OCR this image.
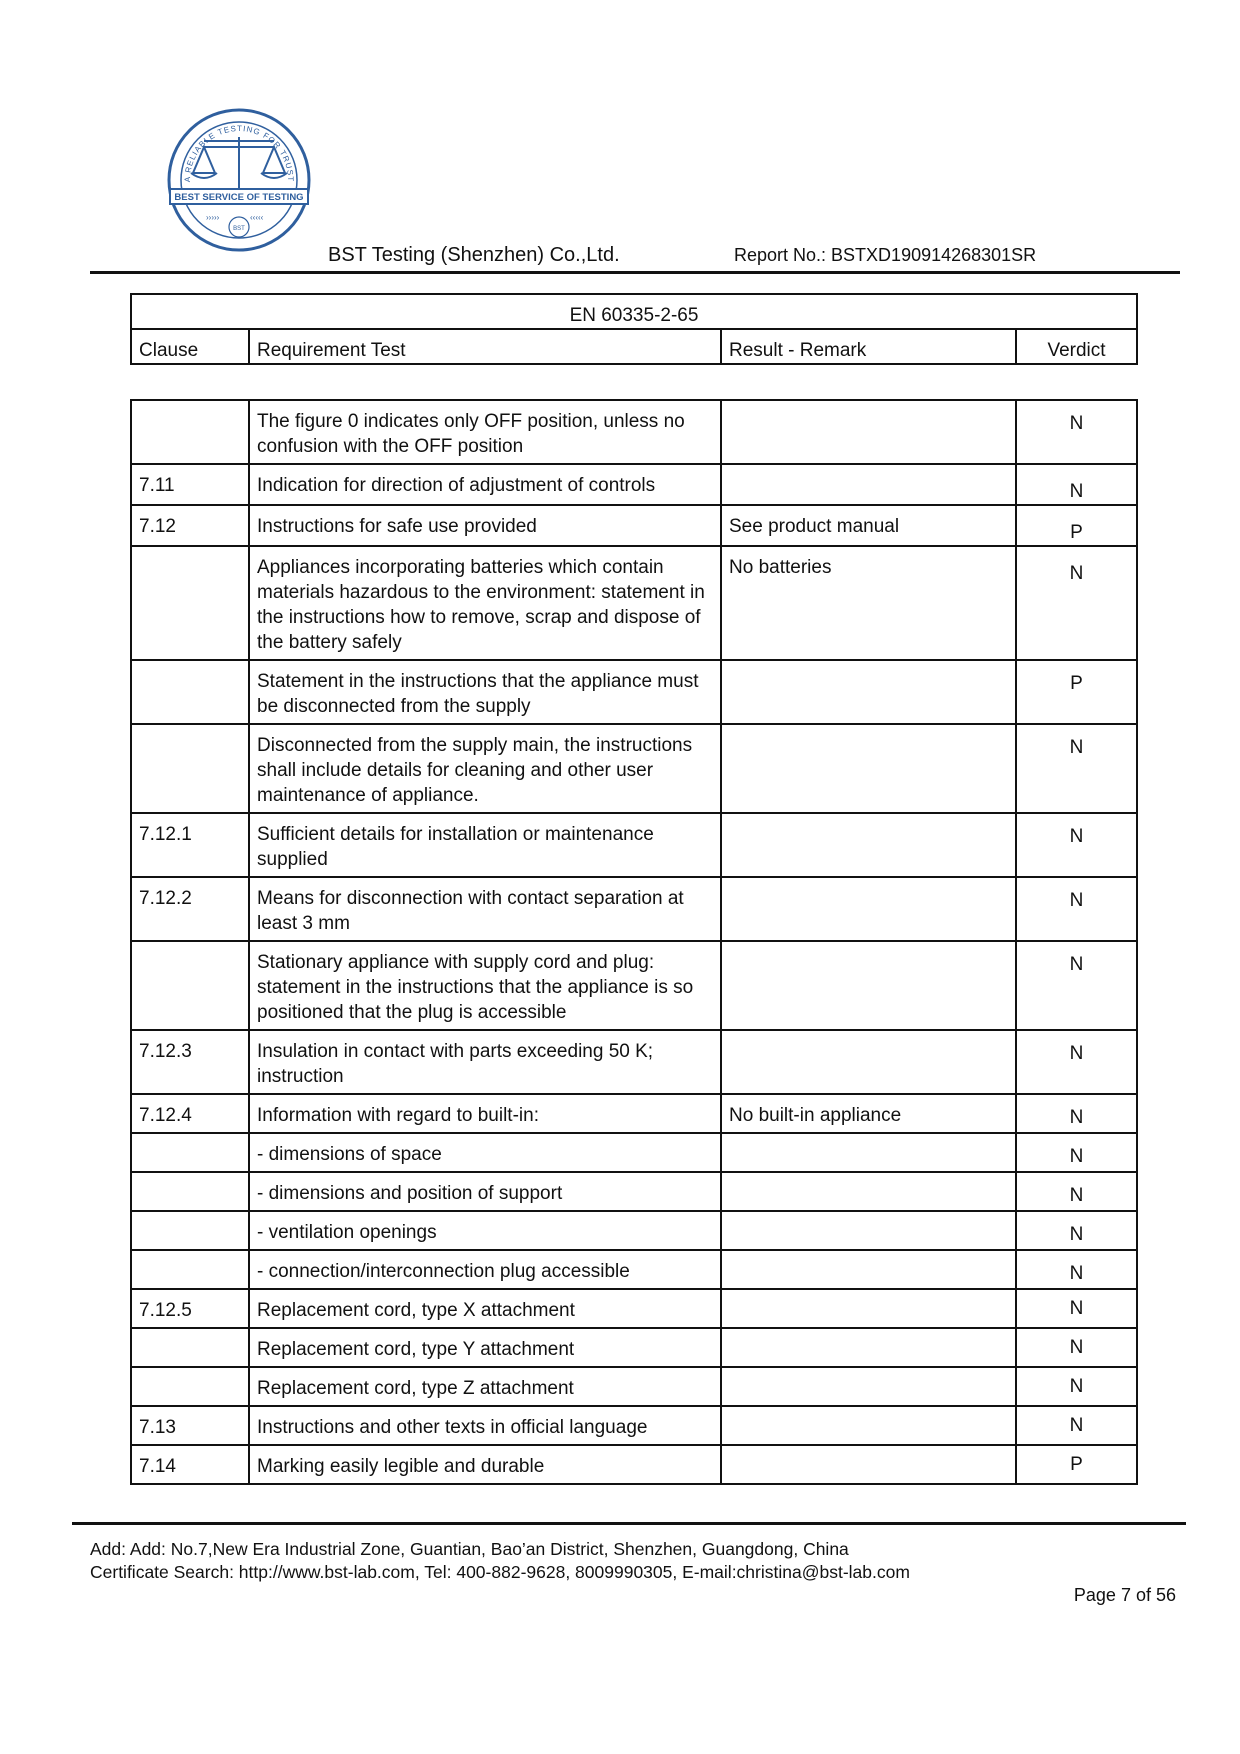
A RELIABLE TESTING FOR TRUST
BEST SERVICE OF TESTING
›››››	‹‹‹‹‹
BST
BST Testing (Shenzhen) Co.,Ltd.	Report No.: BSTXD190914268301SR
EN 60335-2-65
Clause	Requirement Test	Result - Remark	Verdict
	The figure 0 indicates only OFF position, unless no confusion with the OFF position		N
7.11	Indication for direction of adjustment of controls		N
7.12	Instructions for safe use provided	See product manual	P
	Appliances incorporating batteries which contain materials hazardous to the environment: statement in the instructions how to remove, scrap and dispose of the battery safely	No batteries	N
	Statement in the instructions that the appliance must be disconnected from the supply		P
	Disconnected from the supply main, the instructions shall include details for cleaning and other user maintenance of appliance.		N
7.12.1	Sufficient details for installation or maintenance supplied		N
7.12.2	Means for disconnection with contact separation at least 3 mm		N
	Stationary appliance with supply cord and plug: statement in the instructions that the appliance is so positioned that the plug is accessible		N
7.12.3	Insulation in contact with parts exceeding 50 K; instruction		N
7.12.4	Information with regard to built-in:	No built-in appliance	N
	- dimensions of space		N
	- dimensions and position of support		N
	- ventilation openings		N
	- connection/interconnection plug accessible		N
7.12.5	Replacement cord, type X attachment		N
	Replacement cord, type Y attachment		N
	Replacement cord, type Z attachment		N
7.13	Instructions and other texts in official language		N
7.14	Marking easily legible and durable		P
Add: Add: No.7,New Era Industrial Zone, Guantian, Bao’an District, Shenzhen, Guangdong, China
Certificate Search: http://www.bst-lab.com, Tel: 400-882-9628, 8009990305, E-mail:christina@bst-lab.com
Page 7 of 56
